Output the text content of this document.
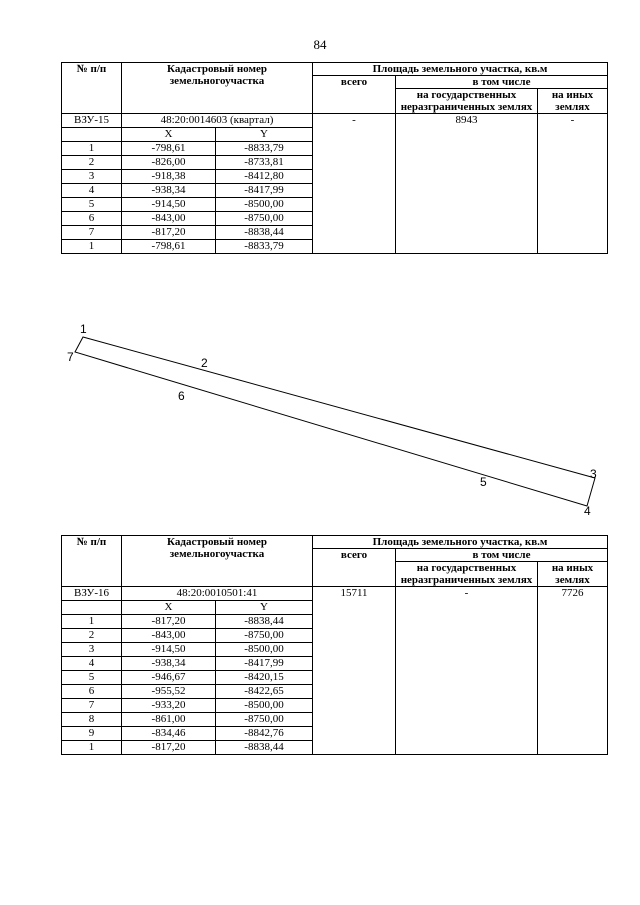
84
№ п/п	Кадастровый номер земельногоучастка		Площадь земельного участка, кв.м		
			всего	в том числе	
				на государственных неразграниченных землях	на иных землях
ВЗУ-15	48:20:0014603 (квартал)		-	8943	-
	X	Y			
1	-798,61	-8833,79			
2	-826,00	-8733,81			
3	-918,38	-8412,80			
4	-938,34	-8417,99			
5	-914,50	-8500,00			
6	-843,00	-8750,00			
7	-817,20	-8838,44			
1	-798,61	-8833,79			
1
2
3
4
5
6
7
№ п/п	Кадастровый номер земельногоучастка		Площадь земельного участка, кв.м		
			всего	в том числе	
				на государственных неразграниченных землях	на иных землях
ВЗУ-16	48:20:0010501:41		15711	-	7726
	X	Y			
1	-817,20	-8838,44			
2	-843,00	-8750,00			
3	-914,50	-8500,00			
4	-938,34	-8417,99			
5	-946,67	-8420,15			
6	-955,52	-8422,65			
7	-933,20	-8500,00			
8	-861,00	-8750,00			
9	-834,46	-8842,76			
1	-817,20	-8838,44			
